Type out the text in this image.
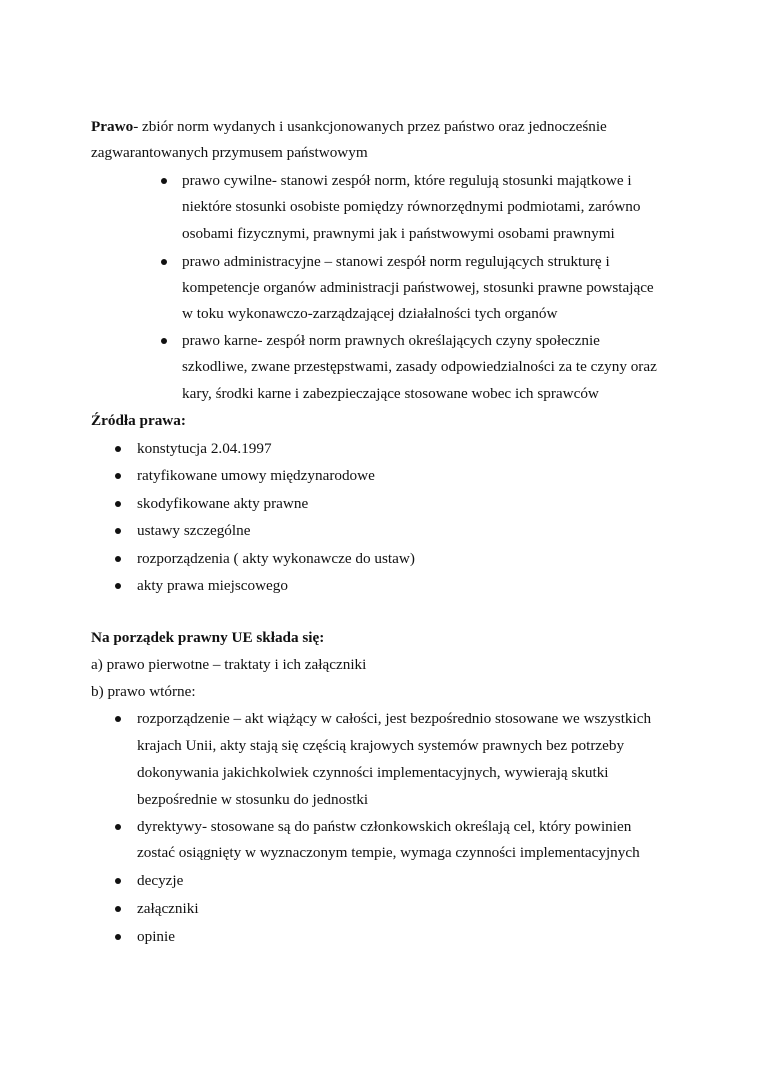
Prawo- zbiór norm wydanych i usankcjonowanych przez państwo oraz jednocześnie
zagwarantowanych przymusem państwowym
prawo cywilne- stanowi zespół norm, które regulują stosunki majątkowe i
niektóre stosunki osobiste pomiędzy równorzędnymi podmiotami, zarówno
osobami fizycznymi, prawnymi jak i państwowymi osobami prawnymi
prawo administracyjne – stanowi zespół norm regulujących strukturę i
kompetencje organów administracji państwowej, stosunki prawne powstające
w toku wykonawczo-zarządzającej działalności tych organów
prawo karne- zespół norm prawnych określających czyny społecznie
szkodliwe, zwane przestępstwami, zasady odpowiedzialności za te czyny oraz
kary, środki karne i zabezpieczające stosowane wobec ich sprawców
Źródła prawa:
konstytucja 2.04.1997
ratyfikowane umowy międzynarodowe
skodyfikowane akty prawne
ustawy szczególne
rozporządzenia ( akty wykonawcze do ustaw)
akty prawa miejscowego
Na porządek prawny UE składa się:
a) prawo pierwotne – traktaty i ich załączniki
b) prawo wtórne:
rozporządzenie – akt wiążący w całości, jest bezpośrednio stosowane we wszystkich
krajach Unii, akty stają się częścią krajowych systemów prawnych bez potrzeby
dokonywania jakichkolwiek czynności implementacyjnych, wywierają skutki
bezpośrednie w stosunku do jednostki
dyrektywy- stosowane są do państw członkowskich określają cel, który powinien
zostać osiągnięty w wyznaczonym tempie, wymaga czynności implementacyjnych
decyzje
załączniki
opinie
